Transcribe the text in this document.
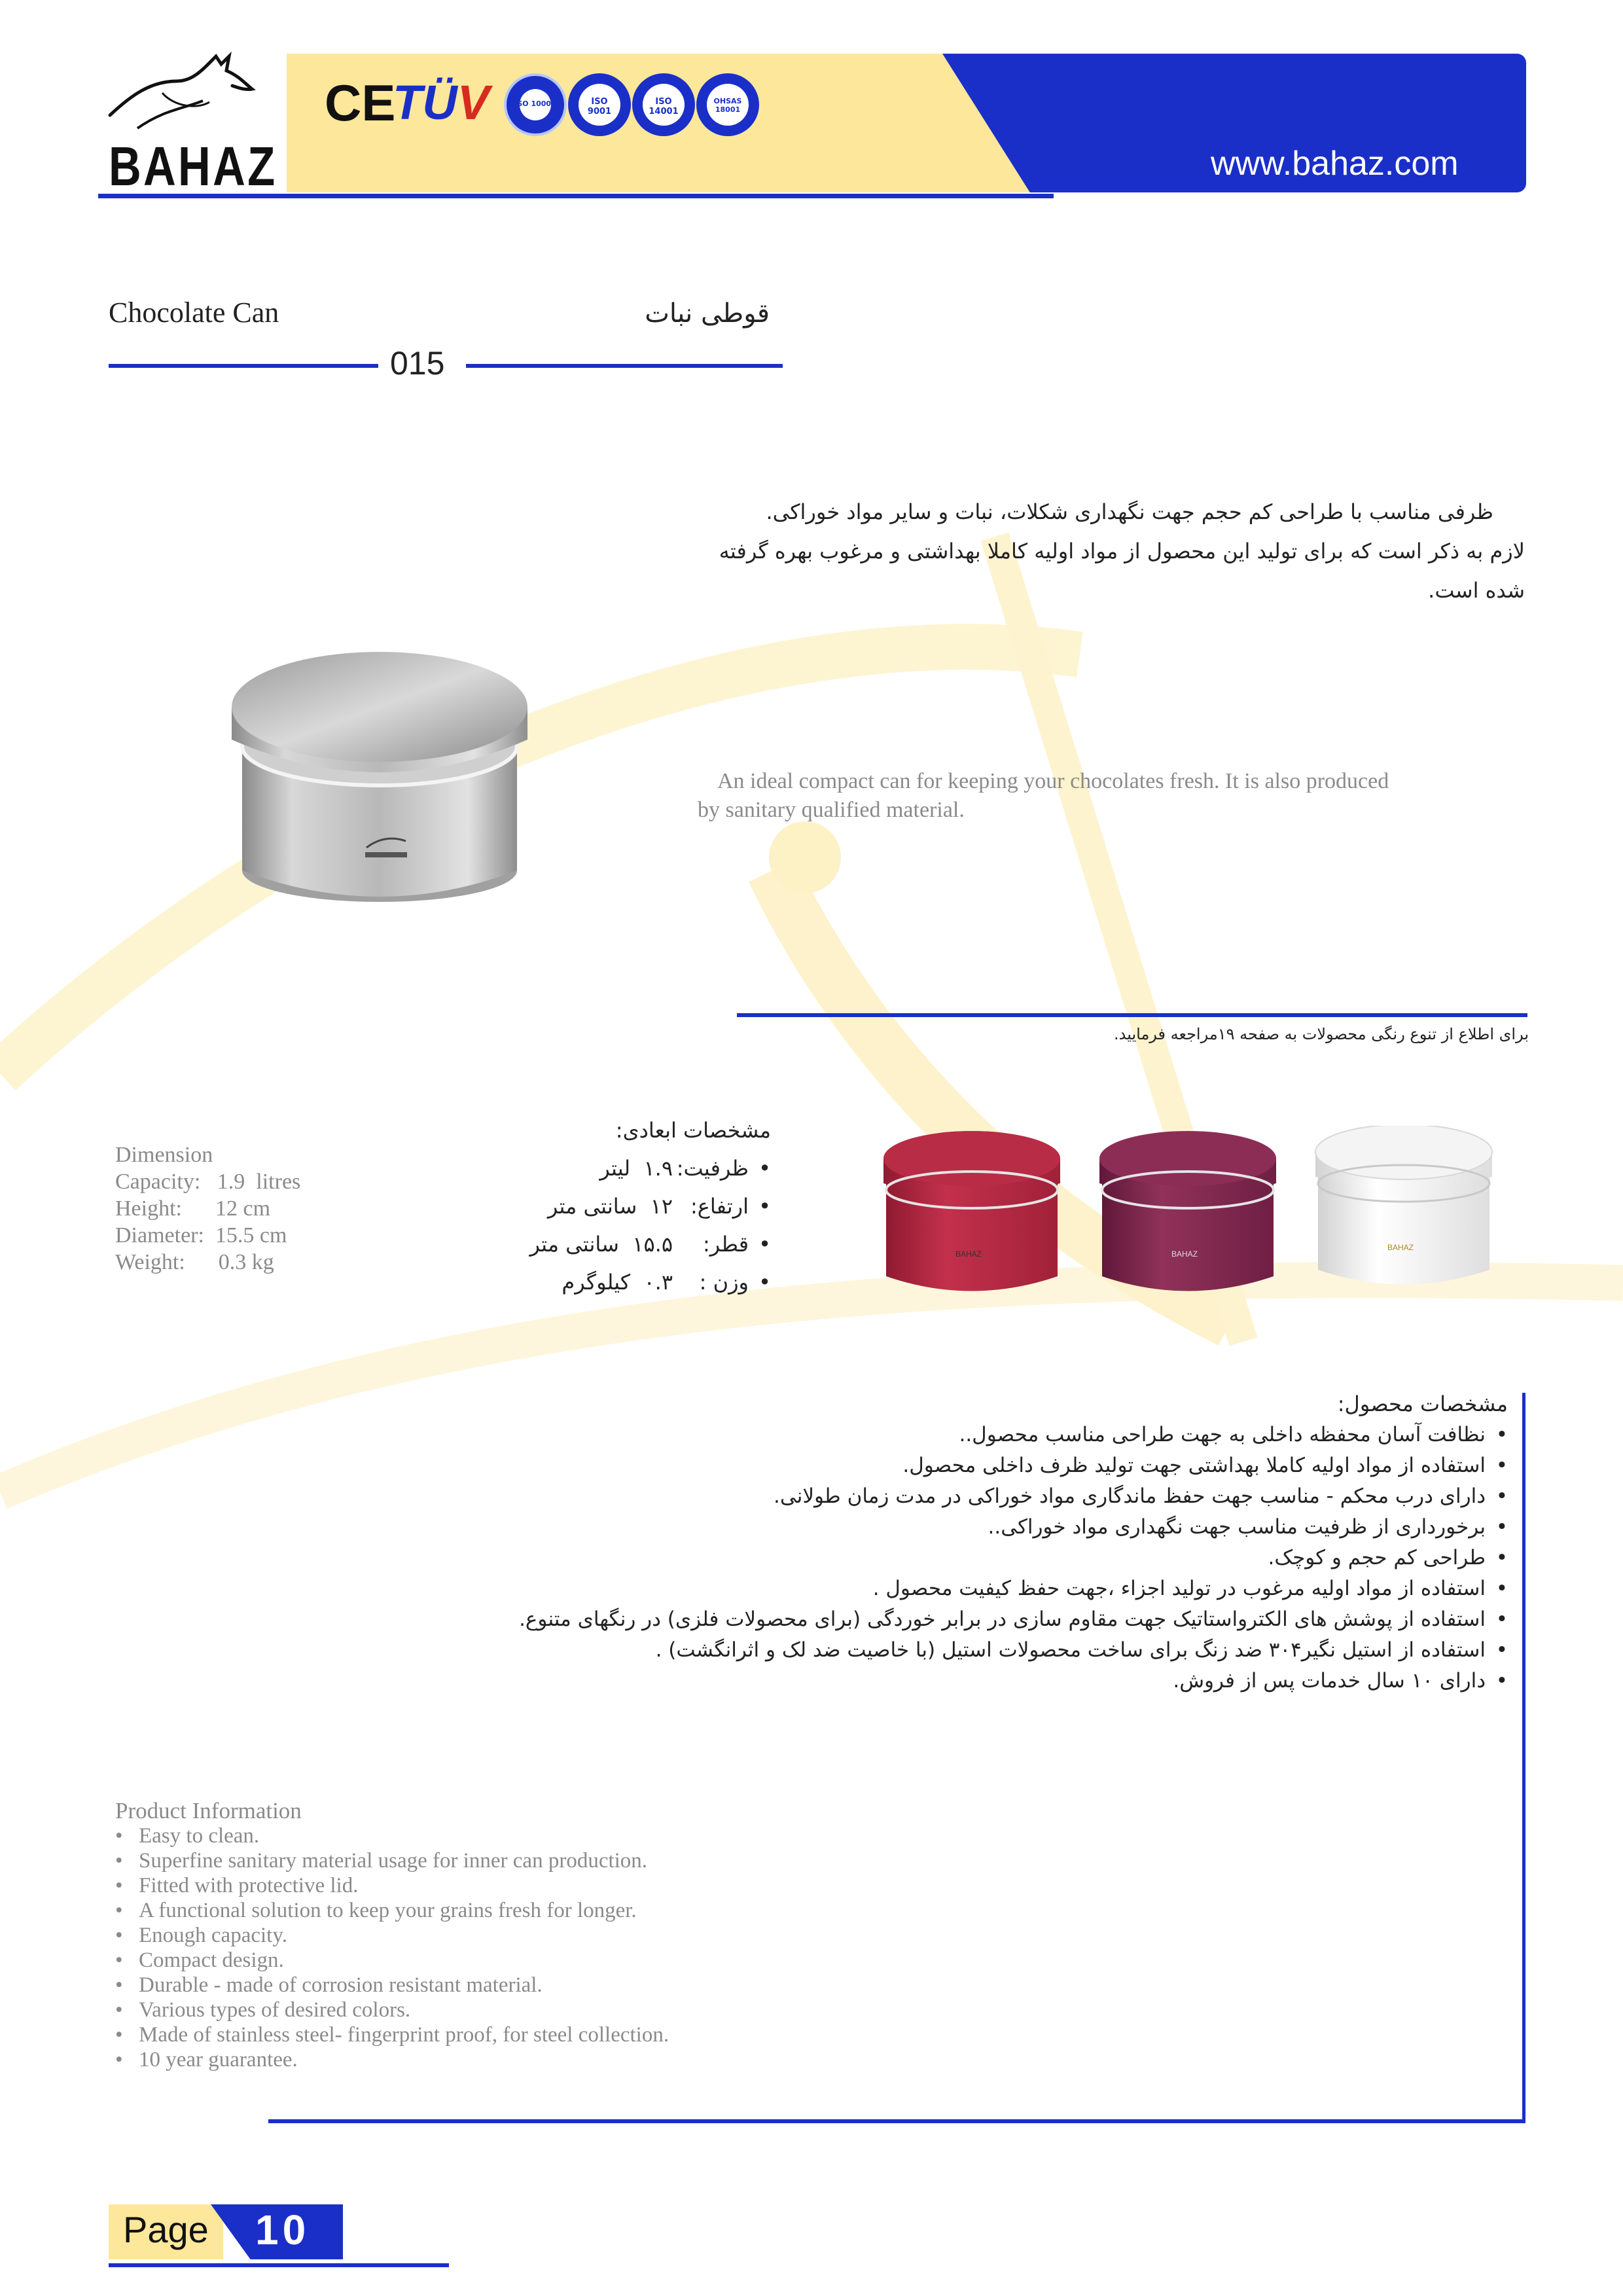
BAHAZ
CE
TÜV	ISO 10002	ISO 9001
ISO 14001
OHSAS 18001
www.bahaz.com
Chocolate Can	قوطی نبات
015
ظرفی مناسب با طراحی کم حجم جهت نگهداری شکلات، نبات و سایر مواد خوراکی.
لازم به ذکر است که برای تولید این محصول از مواد اولیه کاملا بهداشتی و مرغوب بهره گرفته
شده است.
An ideal compact can for keeping your chocolates fresh. It is also produced
by sanitary qualified material.
برای اطلاع از تنوع رنگی محصولات به صفحه ۱۹مراجعه فرمایید.
Dimension
Capacity:   1.9  litres
Height:      12 cm
Diameter:  15.5 cm
Weight:      0.3 kg
مشخصات ابعادی:
•
ظرفیت:
۱.۹  لیتر
•
ارتفاع:
۱۲  سانتی متر
•
قطر:
۱۵.۵  سانتی متر
•
وزن :
۰.۳  کیلوگرم
BAHAZ	BAHAZ
BAHAZ
مشخصات محصول:
• نظافت آسان محفظه داخلی به جهت طراحی مناسب محصول..
• استفاده از مواد اولیه کاملا بهداشتی جهت تولید ظرف داخلی محصول.
• دارای درب محکم - مناسب جهت حفظ ماندگاری مواد خوراکی در مدت زمان طولانی.
• برخورداری از ظرفیت مناسب جهت نگهداری مواد خوراکی..
• طراحی کم حجم و کوچک.
• استفاده از مواد اولیه مرغوب در تولید اجزاء ،جهت حفظ کیفیت محصول .
• استفاده از پوشش های الکترواستاتیک جهت مقاوم سازی در برابر خوردگی (برای محصولات فلزی) در رنگهای متنوع.
• استفاده از استیل نگیر۳۰۴ ضد زنگ برای ساخت محصولات استیل (با خاصیت ضد لک و اثرانگشت) .
• دارای ۱۰ سال خدمات پس از فروش.
Product Information
• Easy to clean.
• Superfine sanitary material usage for inner can production.
• Fitted with protective lid.
• A functional solution to keep your grains fresh for longer.
• Enough capacity.
• Compact design.
• Durable - made of corrosion resistant material.
• Various types of desired colors.
• Made of stainless steel- fingerprint proof, for steel collection.
• 10 year guarantee.
Page 10
